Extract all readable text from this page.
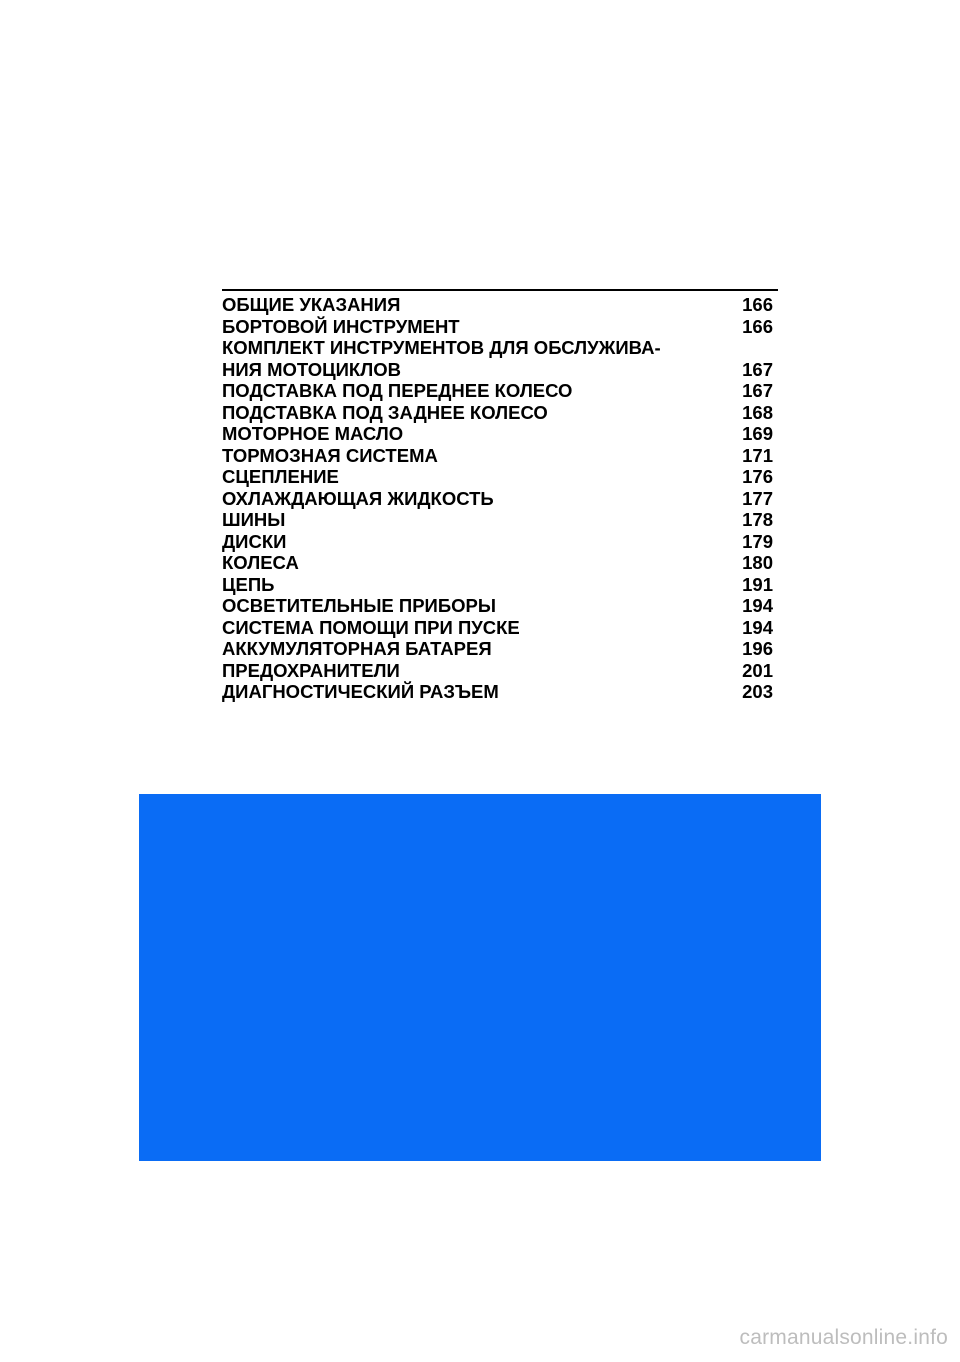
ОБЩИЕ УКАЗАНИЯ	166
БОРТОВОЙ ИНСТРУМЕНТ	166
КОМПЛЕКТ ИНСТРУМЕНТОВ ДЛЯ ОБСЛУЖИВА-
НИЯ МОТОЦИКЛОВ	167
ПОДСТАВКА ПОД ПЕРЕДНЕЕ КОЛЕСО	167
ПОДСТАВКА ПОД ЗАДНЕЕ КОЛЕСО	168
МОТОРНОЕ МАСЛО	169
ТОРМОЗНАЯ СИСТЕМА	171
СЦЕПЛЕНИЕ	176
ОХЛАЖДАЮЩАЯ ЖИДКОСТЬ	177
ШИНЫ	178
ДИСКИ	179
КОЛЕСА	180
ЦЕПЬ	191
ОСВЕТИТЕЛЬНЫЕ ПРИБОРЫ	194
СИСТЕМА ПОМОЩИ ПРИ ПУСКЕ	194
АККУМУЛЯТОРНАЯ БАТАРЕЯ	196
ПРЕДОХРАНИТЕЛИ	201
ДИАГНОСТИЧЕСКИЙ РАЗЪЕМ	203
carmanualsonline.info
